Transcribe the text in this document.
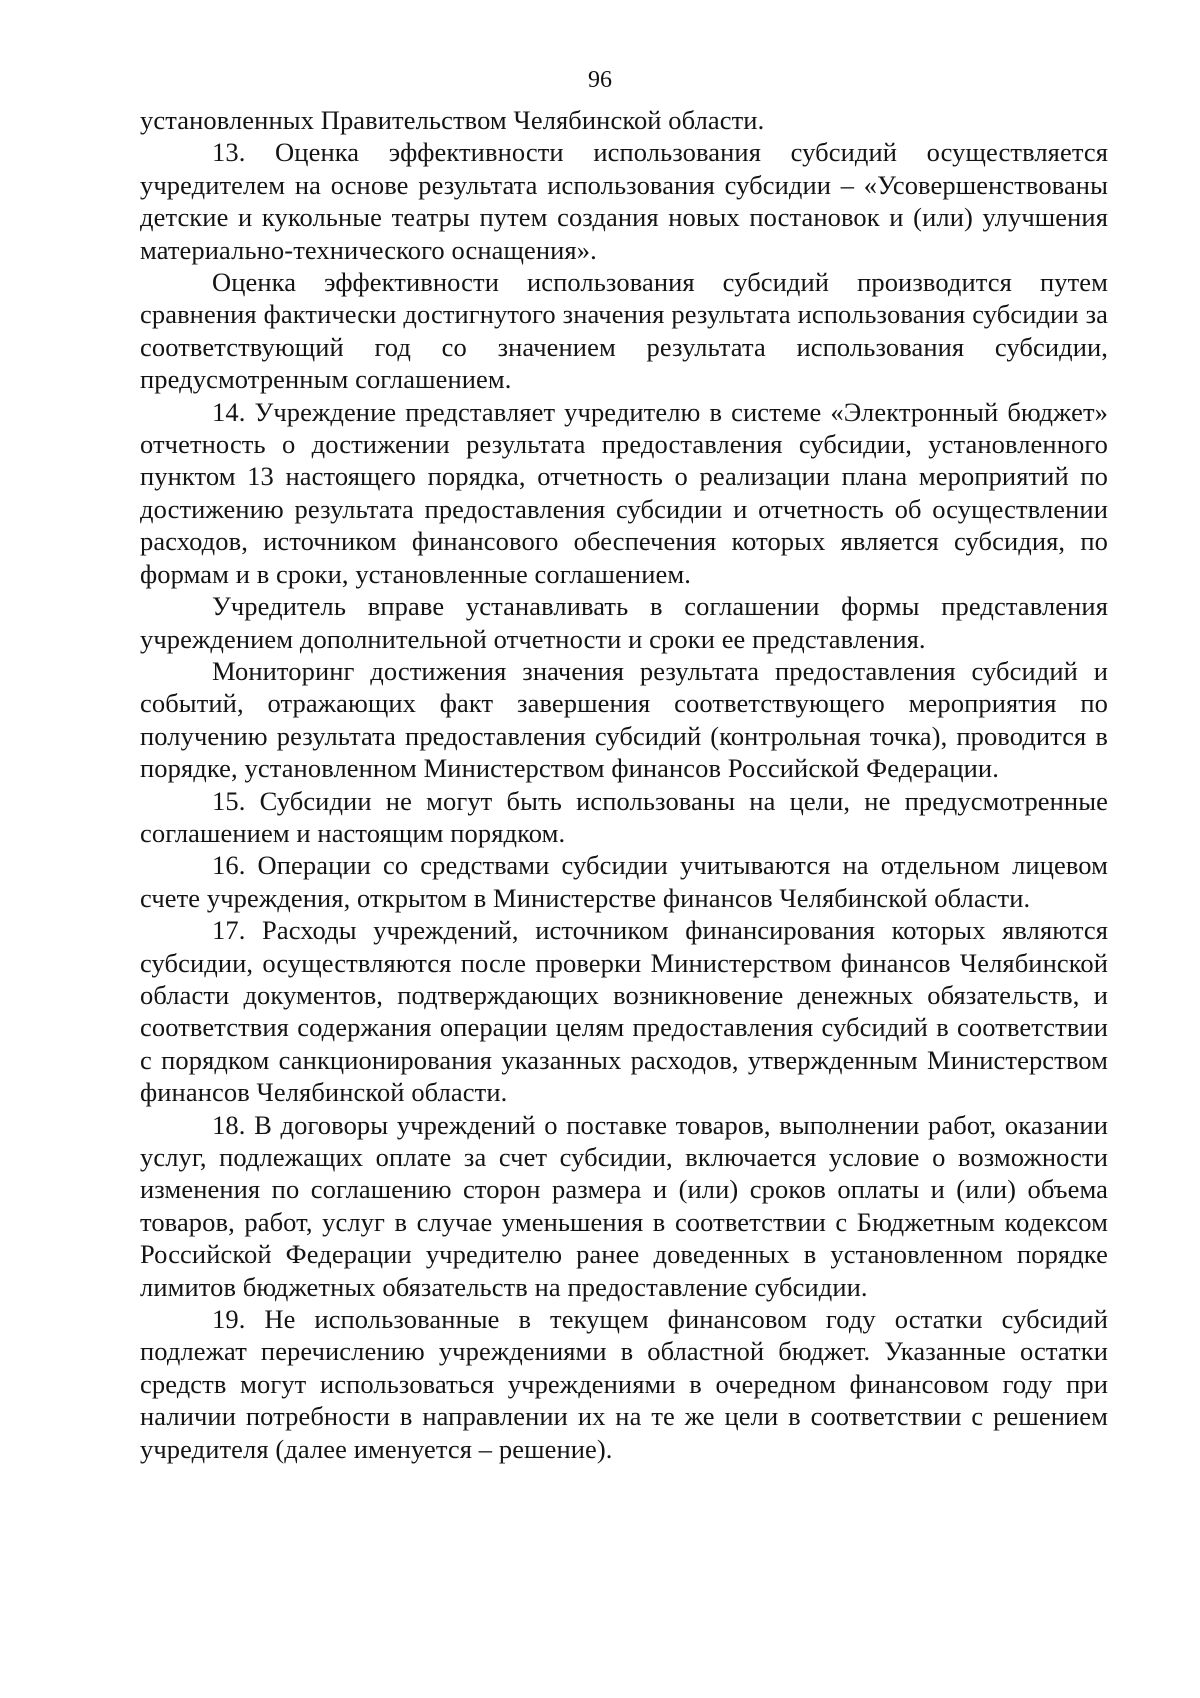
96

установленных Правительством Челябинской области.

13. Оценка эффективности использования субсидий осуществляется учредителем на основе результата использования субсидии – «Усовершенствованы детские и кукольные театры путем создания новых постановок и (или) улучшения материально-технического оснащения».

Оценка эффективности использования субсидий производится путем сравнения фактически достигнутого значения результата использования субсидии за соответствующий год со значением результата использования субсидии, предусмотренным соглашением.

14. Учреждение представляет учредителю в системе «Электронный бюджет» отчетность о достижении результата предоставления субсидии, установленного пунктом 13 настоящего порядка, отчетность о реализации плана мероприятий по достижению результата предоставления субсидии и отчетность об осуществлении расходов, источником финансового обеспечения которых является субсидия, по формам и в сроки, установленные соглашением.

Учредитель вправе устанавливать в соглашении формы представления учреждением дополнительной отчетности и сроки ее представления.

Мониторинг достижения значения результата предоставления субсидий и событий, отражающих факт завершения соответствующего мероприятия по получению результата предоставления субсидий (контрольная точка), проводится в порядке, установленном Министерством финансов Российской Федерации.

15. Субсидии не могут быть использованы на цели, не предусмотренные соглашением и настоящим порядком.

16. Операции со средствами субсидии учитываются на отдельном лицевом счете учреждения, открытом в Министерстве финансов Челябинской области.

17. Расходы учреждений, источником финансирования которых являются субсидии, осуществляются после проверки Министерством финансов Челябинской области документов, подтверждающих возникновение денежных обязательств, и соответствия содержания операции целям предоставления субсидий в соответствии с порядком санкционирования указанных расходов, утвержденным Министерством финансов Челябинской области.

18. В договоры учреждений о поставке товаров, выполнении работ, оказании услуг, подлежащих оплате за счет субсидии, включается условие о возможности изменения по соглашению сторон размера и (или) сроков оплаты и (или) объема товаров, работ, услуг в случае уменьшения в соответствии с Бюджетным кодексом Российской Федерации учредителю ранее доведенных в установленном порядке лимитов бюджетных обязательств на предоставление субсидии.

19. Не использованные в текущем финансовом году остатки субсидий подлежат перечислению учреждениями в областной бюджет. Указанные остатки средств могут использоваться учреждениями в очередном финансовом году при наличии потребности в направлении их на те же цели в соответствии с решением учредителя (далее именуется – решение).
